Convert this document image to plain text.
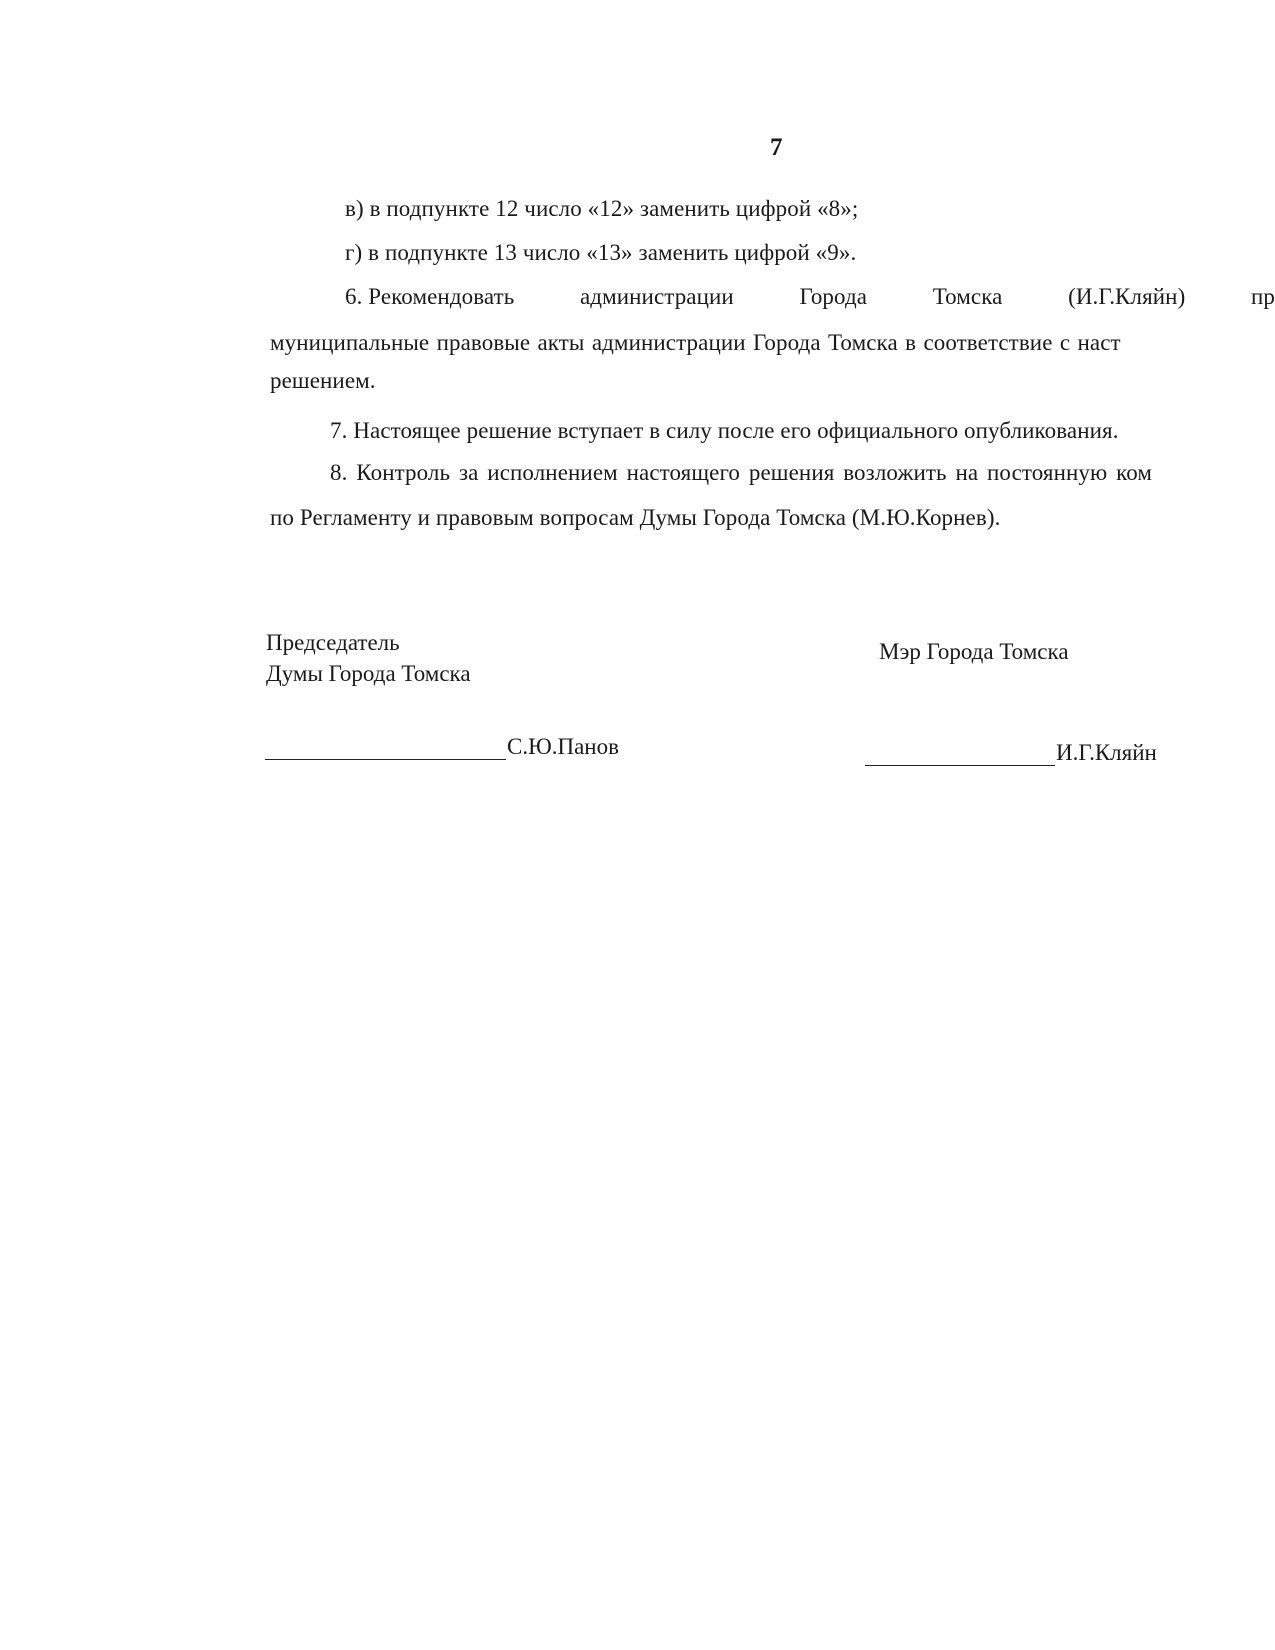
7
в) в подпункте 12 число «12» заменить цифрой «8»;
г) в подпункте 13 число «13» заменить цифрой «9».
6. Рекомендовать	администрации	Города	Томска	(И.Г.Кляйн)	пр
муниципальные правовые акты администрации Города Томска в соответствие с наст
решением.
7. Настоящее решение вступает в силу после его официального опубликования.
8. Контроль за исполнением настоящего решения возложить на постоянную ком
по Регламенту и правовым вопросам Думы Города Томска (М.Ю.Корнев).
Председатель
Думы Города Томска
Мэр Города Томска
С.Ю.Панов	И.Г.Кляйн
